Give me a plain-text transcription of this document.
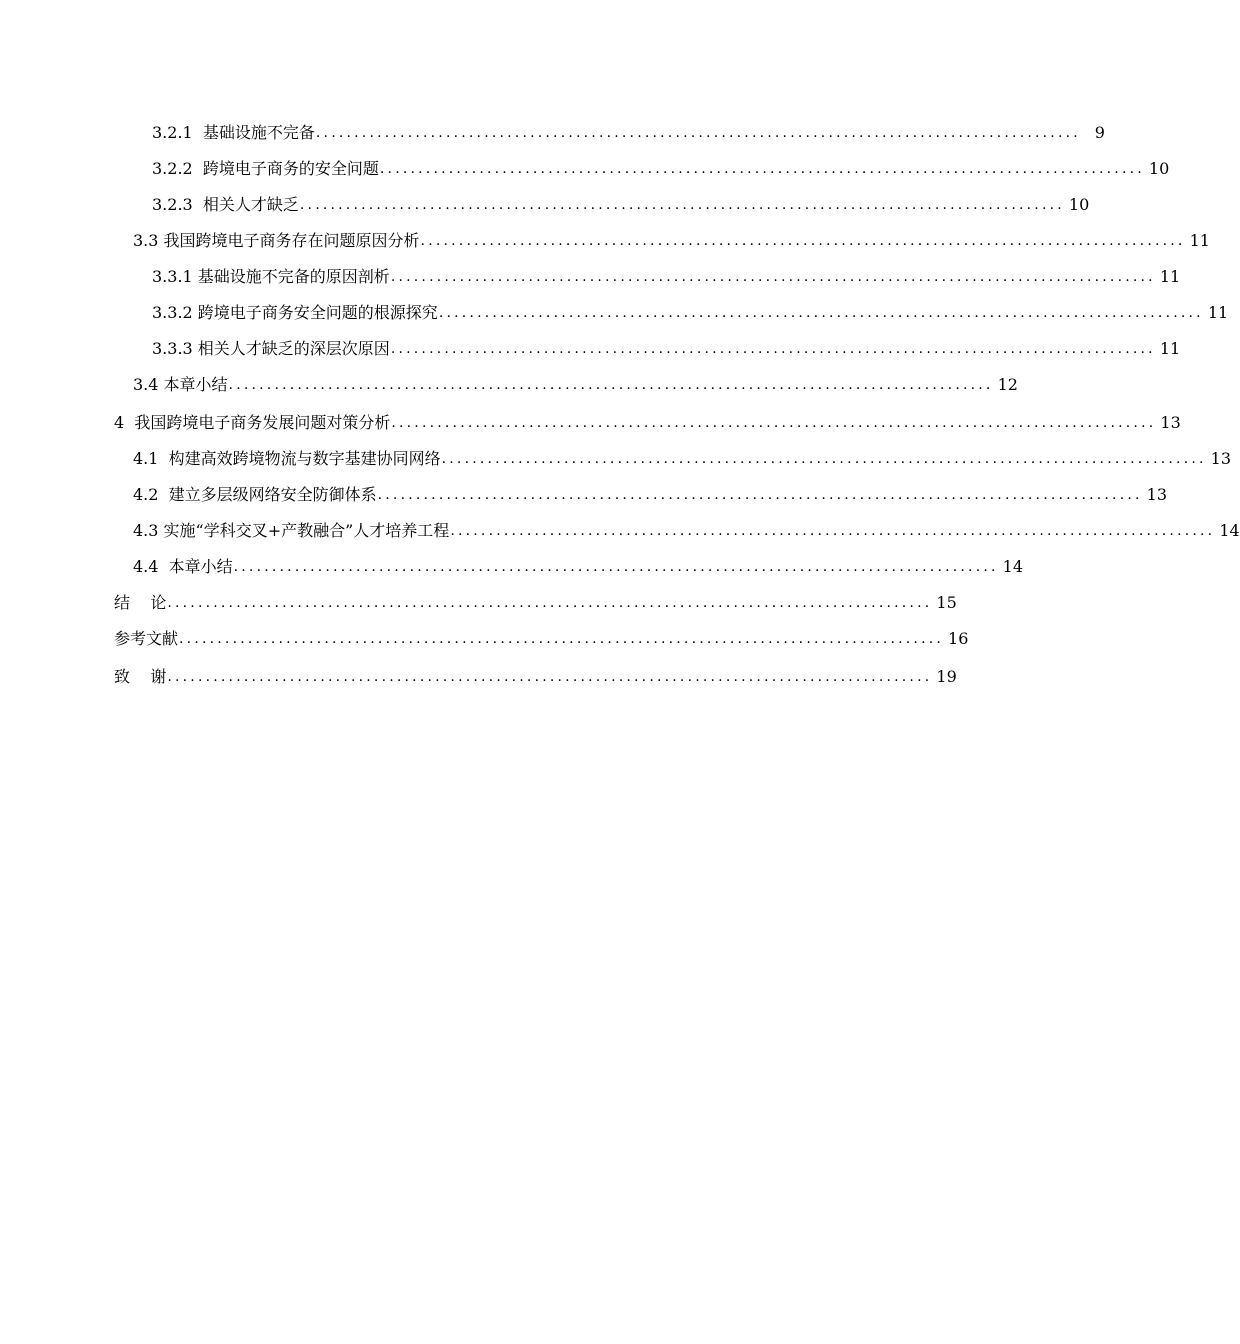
3.2.1  基础设施不完备 .................................................................................................... 9
3.2.2  跨境电子商务的安全问题 .................................................................................................... 10
3.2.3  相关人才缺乏 .................................................................................................... 10
3.3 我国跨境电子商务存在问题原因分析 .................................................................................................... 11
3.3.1 基础设施不完备的原因剖析 .................................................................................................... 11
3.3.2 跨境电子商务安全问题的根源探究 .................................................................................................... 11
3.3.3 相关人才缺乏的深层次原因 .................................................................................................... 11
3.4 本章小结 .................................................................................................... 12
4  我国跨境电子商务发展问题对策分析 .................................................................................................... 13
4.1  构建高效跨境物流与数字基建协同网络 .................................................................................................... 13
4.2  建立多层级网络安全防御体系 .................................................................................................... 13
4.3 实施“学科交叉+产教融合”人才培养工程 .................................................................................................... 14
4.4  本章小结 .................................................................................................... 14
结    论 .................................................................................................... 15
参考文献 .................................................................................................... 16
致    谢 .................................................................................................... 19
